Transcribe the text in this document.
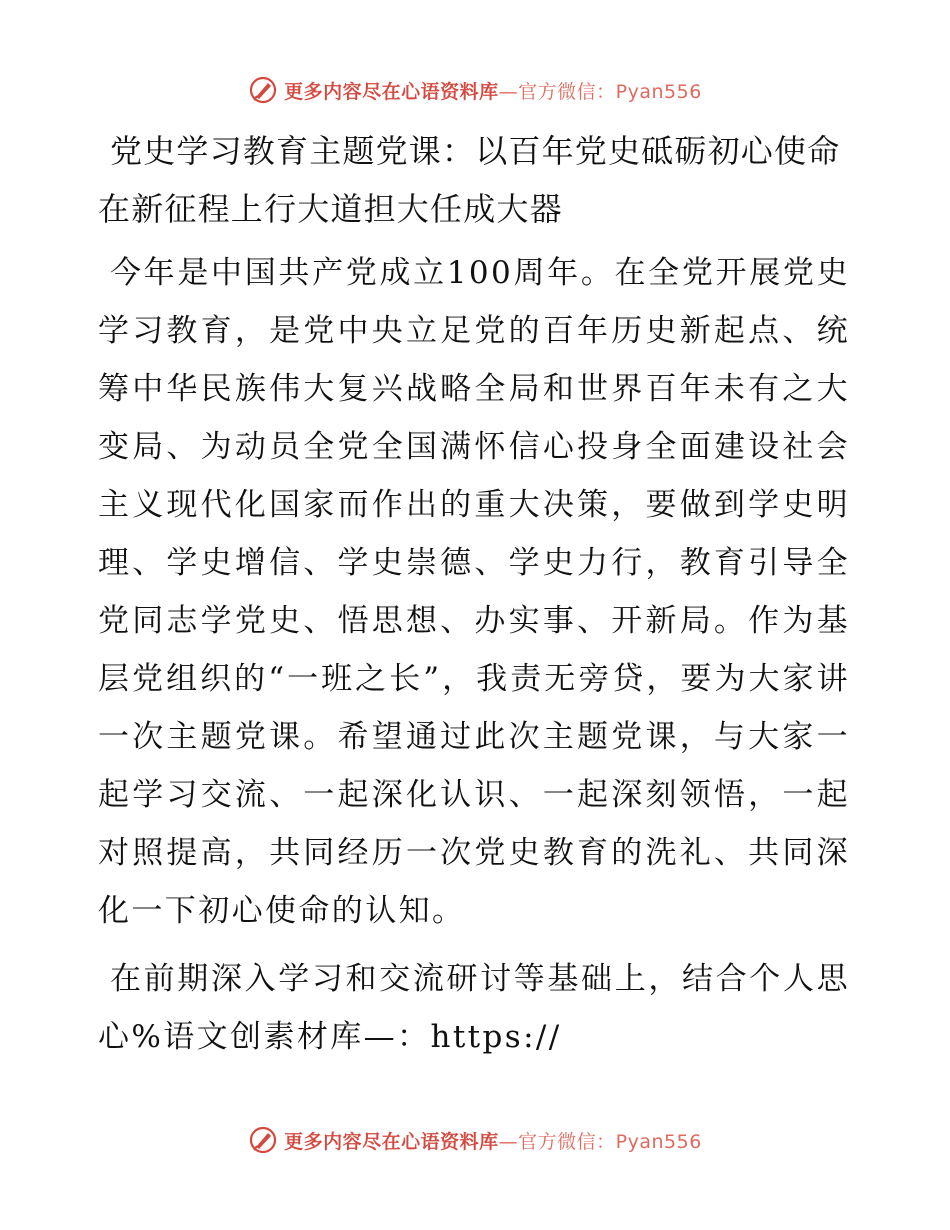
更多内容尽在心语资料库—官方微信：Pyan556
党史学习教育主题党课：以百年党史砥砺初心使命　在新征程上行大道担大任成大器

今年是中国共产党成立100周年。在全党开展党史学习教育，是党中央立足党的百年历史新起点、统筹中华民族伟大复兴战略全局和世界百年未有之大变局、为动员全党全国满怀信心投身全面建设社会主义现代化国家而作出的重大决策，要做到学史明理、学史增信、学史崇德、学史力行，教育引导全党同志学党史、悟思想、办实事、开新局。作为基层党组织的“一班之长”，我责无旁贷，要为大家讲一次主题党课。希望通过此次主题党课，与大家一起学习交流、一起深化认识、一起深刻领悟，一起对照提高，共同经历一次党史教育的洗礼、共同深化一下初心使命的认知。

在前期深入学习和交流研讨等基础上，结合个人思心%语文创素材库—：https://

更多内容尽在心语资料库—官方微信：Pyan556
